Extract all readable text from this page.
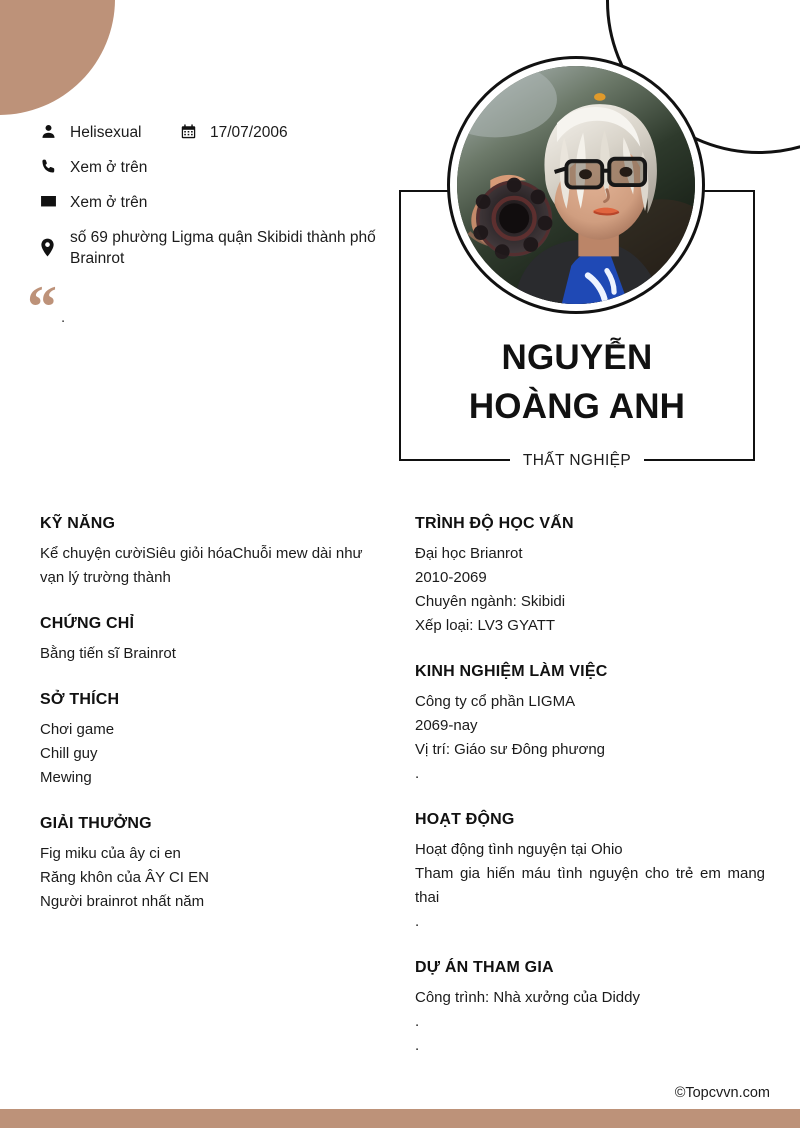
Helisexual	17/07/2006
Xem ở trên
Xem ở trên
số 69 phường Ligma quận Skibidi thành phố Brainrot
“ .
NGUYỄN
HOÀNG ANH
THẤT NGHIỆP
KỸ NĂNG
Kể chuyện cườiSiêu giỏi hóaChuỗi mew dài như vạn lý trường thành
CHỨNG CHỈ
Bằng tiến sĩ Brainrot
SỞ THÍCH
Chơi game
Chill guy
Mewing
GIẢI THƯỞNG
Fig miku của ây ci en
Răng khôn của ÂY CI EN
Người brainrot nhất năm
TRÌNH ĐỘ HỌC VẤN
Đại học Brianrot
2010-2069
Chuyên ngành: Skibidi
Xếp loại: LV3 GYATT
KINH NGHIỆM LÀM VIỆC
Công ty cổ phần LIGMA
2069-nay
Vị trí: Giáo sư Đông phương
.
HOẠT ĐỘNG
Hoạt động tình nguyện tại Ohio
Tham gia hiến máu tình nguyện cho trẻ em mang thai
.
DỰ ÁN THAM GIA
Công trình: Nhà xưởng của Diddy
.
.
©Topcvvn.com
